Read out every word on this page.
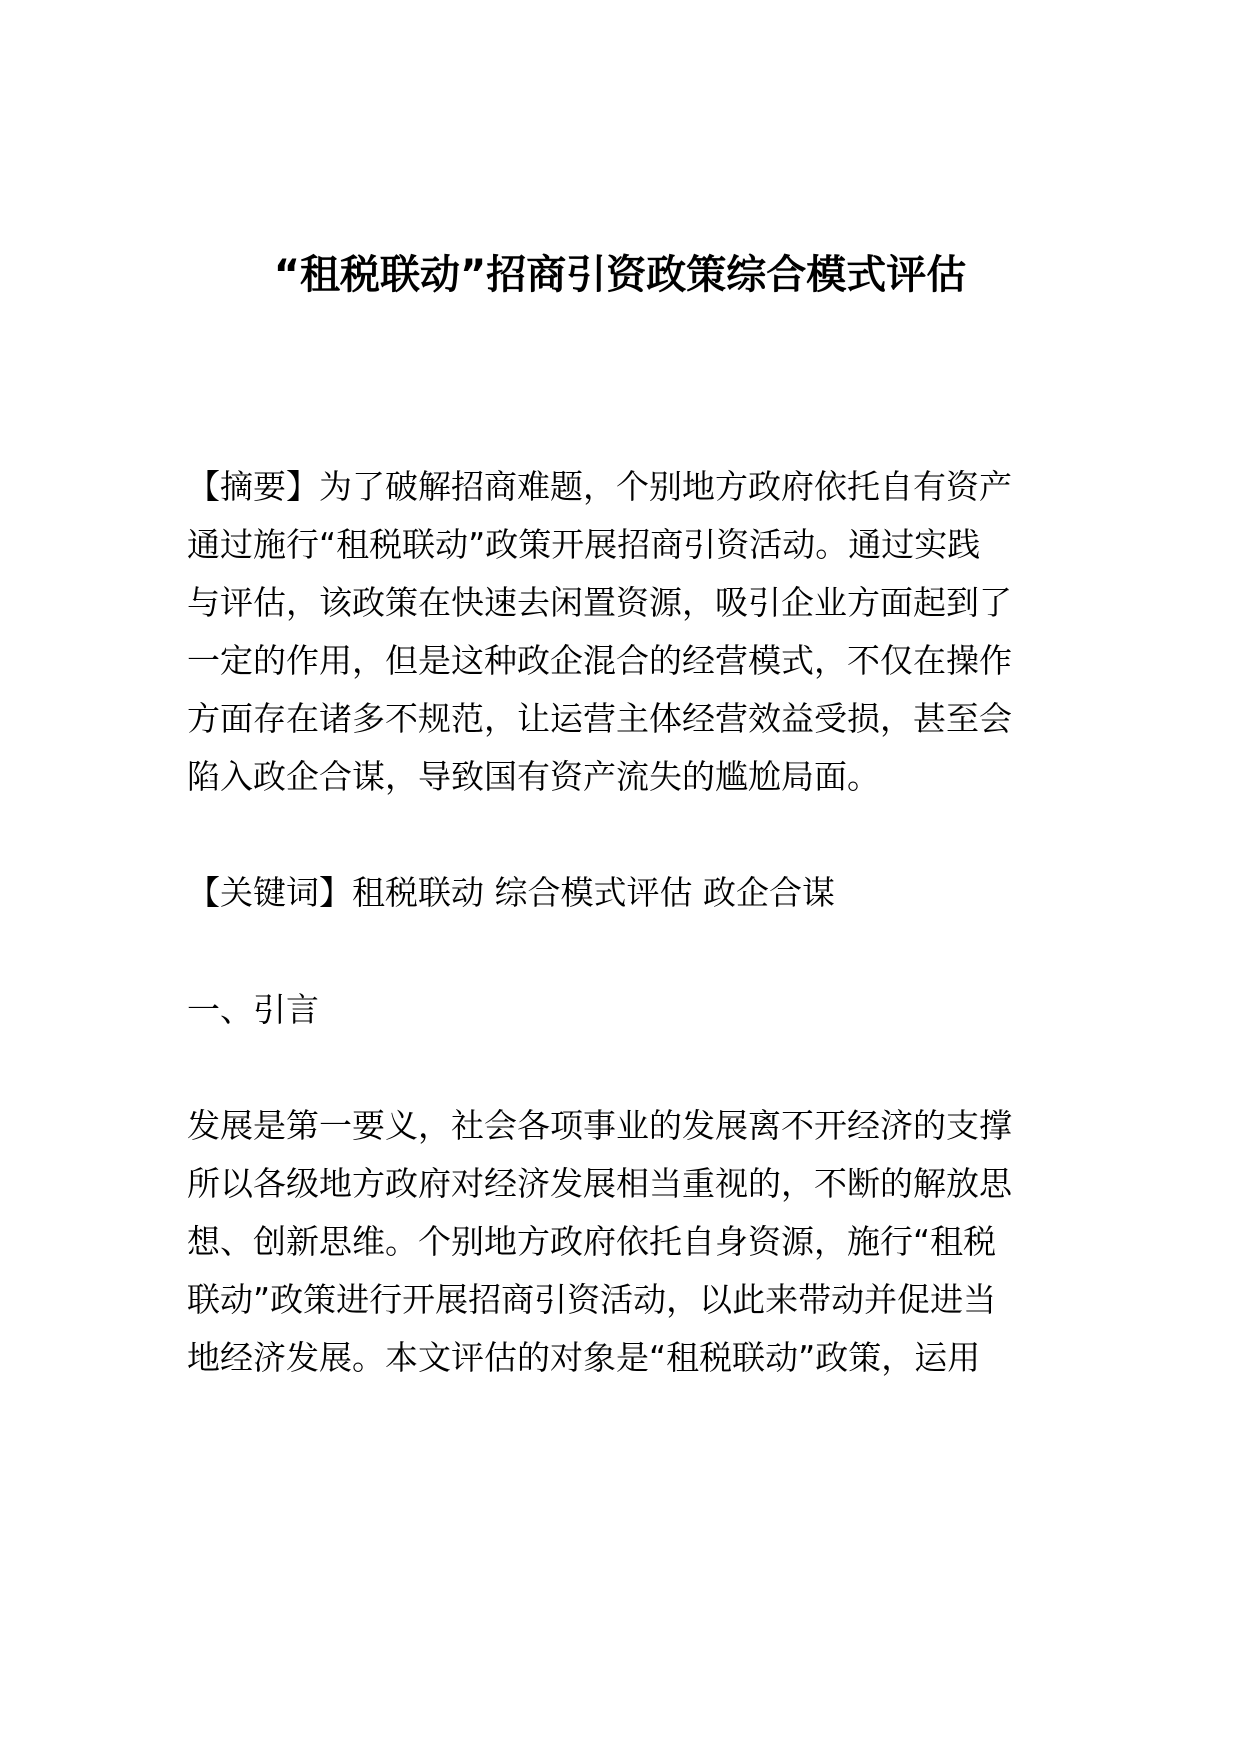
“租税联动”招商引资政策综合模式评估
【摘要】为了破解招商难题，个别地方政府依托自有资产
通过施行“租税联动”政策开展招商引资活动。通过实践
与评估，该政策在快速去闲置资源，吸引企业方面起到了
一定的作用，但是这种政企混合的经营模式，不仅在操作
方面存在诸多不规范，让运营主体经营效益受损，甚至会
陷入政企合谋，导致国有资产流失的尴尬局面。
【关键词】租税联动 综合模式评估 政企合谋
一、引言
发展是第一要义，社会各项事业的发展离不开经济的支撑
所以各级地方政府对经济发展相当重视的，不断的解放思
想、创新思维。个别地方政府依托自身资源，施行“租税
联动”政策进行开展招商引资活动，以此来带动并促进当
地经济发展。本文评估的对象是“租税联动”政策，运用
